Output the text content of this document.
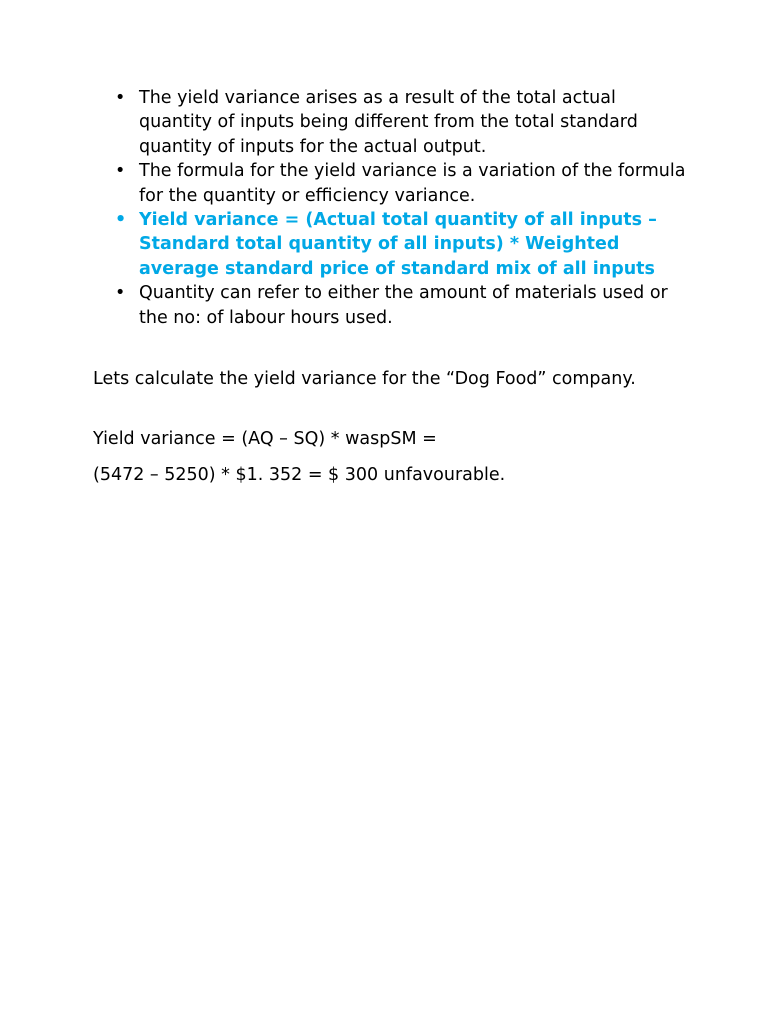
• The yield variance arises as a result of the total actual quantity of inputs being different from the total standard quantity of inputs for the actual output.
• The formula for the yield variance is a variation of the formula for the quantity or efficiency variance.
• Yield variance = (Actual total quantity of all inputs – Standard total quantity of all inputs) * Weighted average standard price of standard mix of all inputs
• Quantity can refer to either the amount of materials used or the no: of labour hours used.

Lets calculate the yield variance for the “Dog Food” company.

Yield variance = (AQ – SQ) * waspSM =

(5472 – 5250) * $1. 352 = $ 300 unfavourable.
